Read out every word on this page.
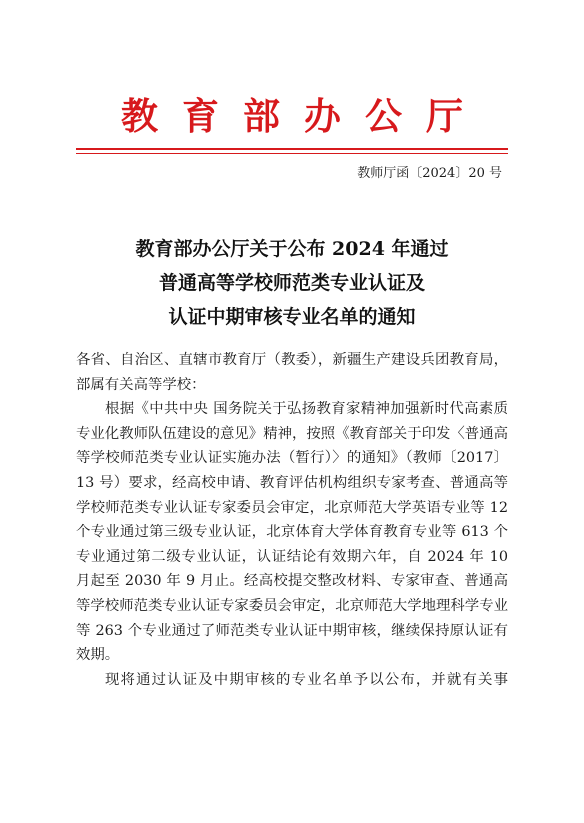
教育部办公厅
教师厅函〔2024〕20 号
教育部办公厅关于公布 2024 年通过
普通高等学校师范类专业认证及
认证中期审核专业名单的通知

各省、自治区、直辖市教育厅（教委），新疆生产建设兵团教育局，部属有关高等学校：

根据《中共中央 国务院关于弘扬教育家精神加强新时代高素质专业化教师队伍建设的意见》精神，按照《教育部关于印发〈普通高等学校师范类专业认证实施办法（暂行）〉的通知》（教师〔2017〕13 号）要求，经高校申请、教育评估机构组织专家考查、普通高等学校师范类专业认证专家委员会审定，北京师范大学英语专业等 12 个专业通过第三级专业认证，北京体育大学体育教育专业等 613 个专业通过第二级专业认证，认证结论有效期六年，自 2024 年 10 月起至 2030 年 9 月止。经高校提交整改材料、专家审查、普通高等学校师范类专业认证专家委员会审定，北京师范大学地理科学专业等 263 个专业通过了师范类专业认证中期审核，继续保持原认证有效期。

现将通过认证及中期审核的专业名单予以公布，并就有关事
